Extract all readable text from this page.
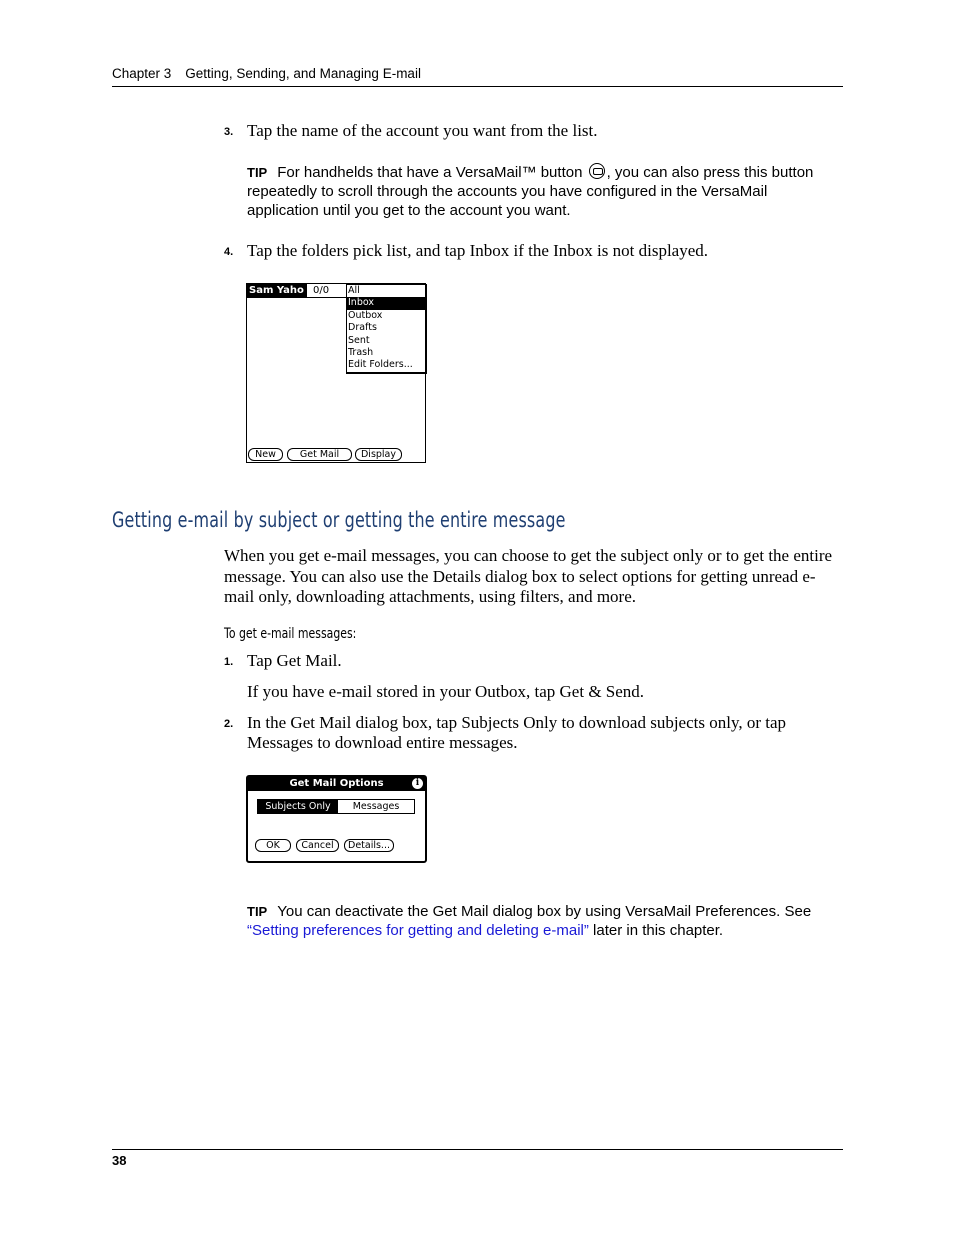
Chapter 3 Getting, Sending, and Managing E-mail
3. Tap the name of the account you want from the list.
TIP For handhelds that have a VersaMail™ button , you can also press this button repeatedly to scroll through the accounts you have configured in the VersaMail application until you get to the account you want.
4. Tap the folders pick list, and tap Inbox if the Inbox is not displayed.
Sam Yaho 0/0 All
Inbox
Outbox
Drafts
Sent
Trash
Edit Folders...
New	Get Mail	Display
Getting e-mail by subject or getting the entire message
When you get e-mail messages, you can choose to get the subject only or to get the entire message. You can also use the Details dialog box to select options for getting unread e-mail only, downloading attachments, using filters, and more.
To get e-mail messages:
1. Tap Get Mail.
If you have e-mail stored in your Outbox, tap Get & Send.
2. In the Get Mail dialog box, tap Subjects Only to download subjects only, or tap Messages to download entire messages.
Get Mail Options	i
Subjects Only	Messages
OK	Cancel	Details...
TIP You can deactivate the Get Mail dialog box by using VersaMail Preferences. See “Setting preferences for getting and deleting e-mail” later in this chapter.
38
